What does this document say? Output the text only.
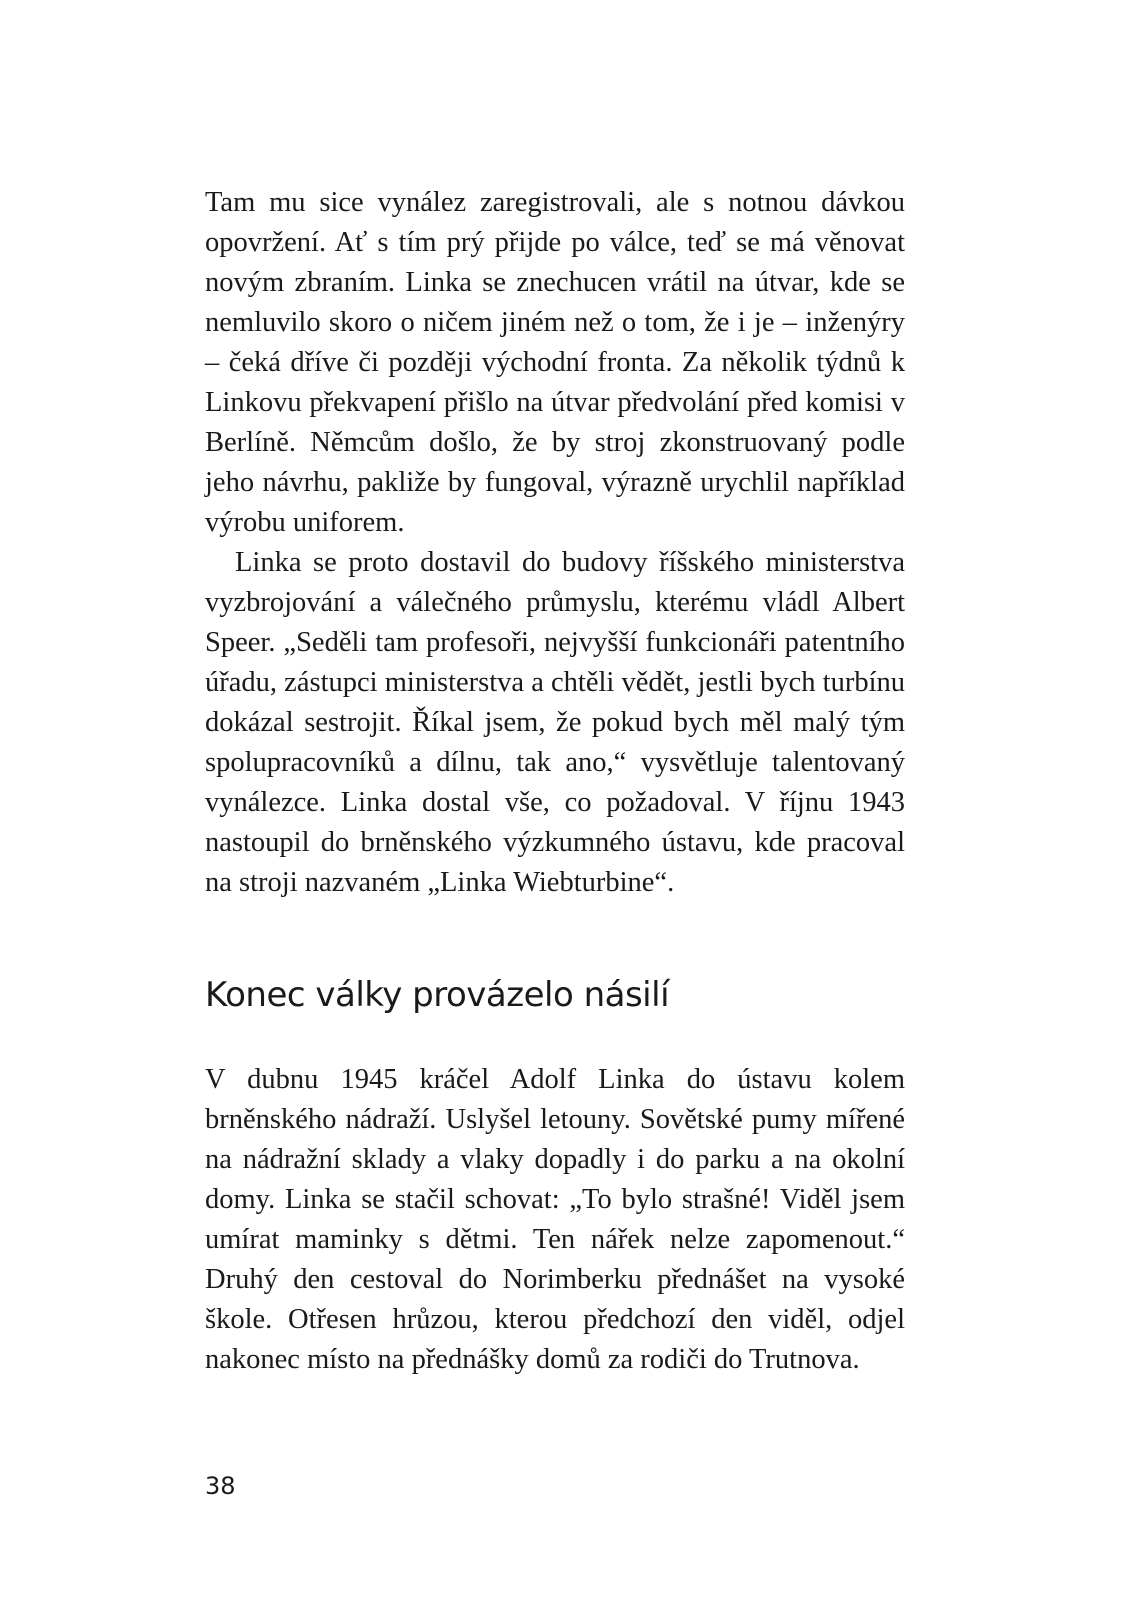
Tam mu sice vynález zaregistrovali, ale s notnou dávkou opovržení. Ať s tím prý přijde po válce, teď se má věnovat novým zbraním. Linka se znechucen vrátil na útvar, kde se nemluvilo skoro o ničem jiném než o tom, že i je – inženýry – čeká dříve či později východní fronta. Za několik týdnů k Linkovu překvapení přišlo na útvar předvolání před komisi v Berlíně. Němcům došlo, že by stroj zkonstruovaný podle jeho návrhu, pakliže by fungoval, výrazně urychlil například výrobu uniforem.

Linka se proto dostavil do budovy říšského ministerstva vyzbrojování a válečného průmyslu, kterému vládl Albert Speer. „Seděli tam profesoři, nejvyšší funkcionáři patentního úřadu, zástupci ministerstva a chtěli vědět, jestli bych turbínu dokázal sestrojit. Říkal jsem, že pokud bych měl malý tým spolupracovníků a dílnu, tak ano,“ vysvětluje talentovaný vynálezce. Linka dostal vše, co požadoval. V říjnu 1943 nastoupil do brněnského výzkumného ústavu, kde pracoval na stroji nazvaném „Linka Wiebturbine“.

Konec války provázelo násilí

V dubnu 1945 kráčel Adolf Linka do ústavu kolem brněnského nádraží. Uslyšel letouny. Sovětské pumy mířené na nádražní sklady a vlaky dopadly i do parku a na okolní domy. Linka se stačil schovat: „To bylo strašné! Viděl jsem umírat maminky s dětmi. Ten nářek nelze zapomenout.“ Druhý den cestoval do Norimberku přednášet na vysoké škole. Otřesen hrůzou, kterou předchozí den viděl, odjel nakonec místo na přednášky domů za rodiči do Trutnova.

38
